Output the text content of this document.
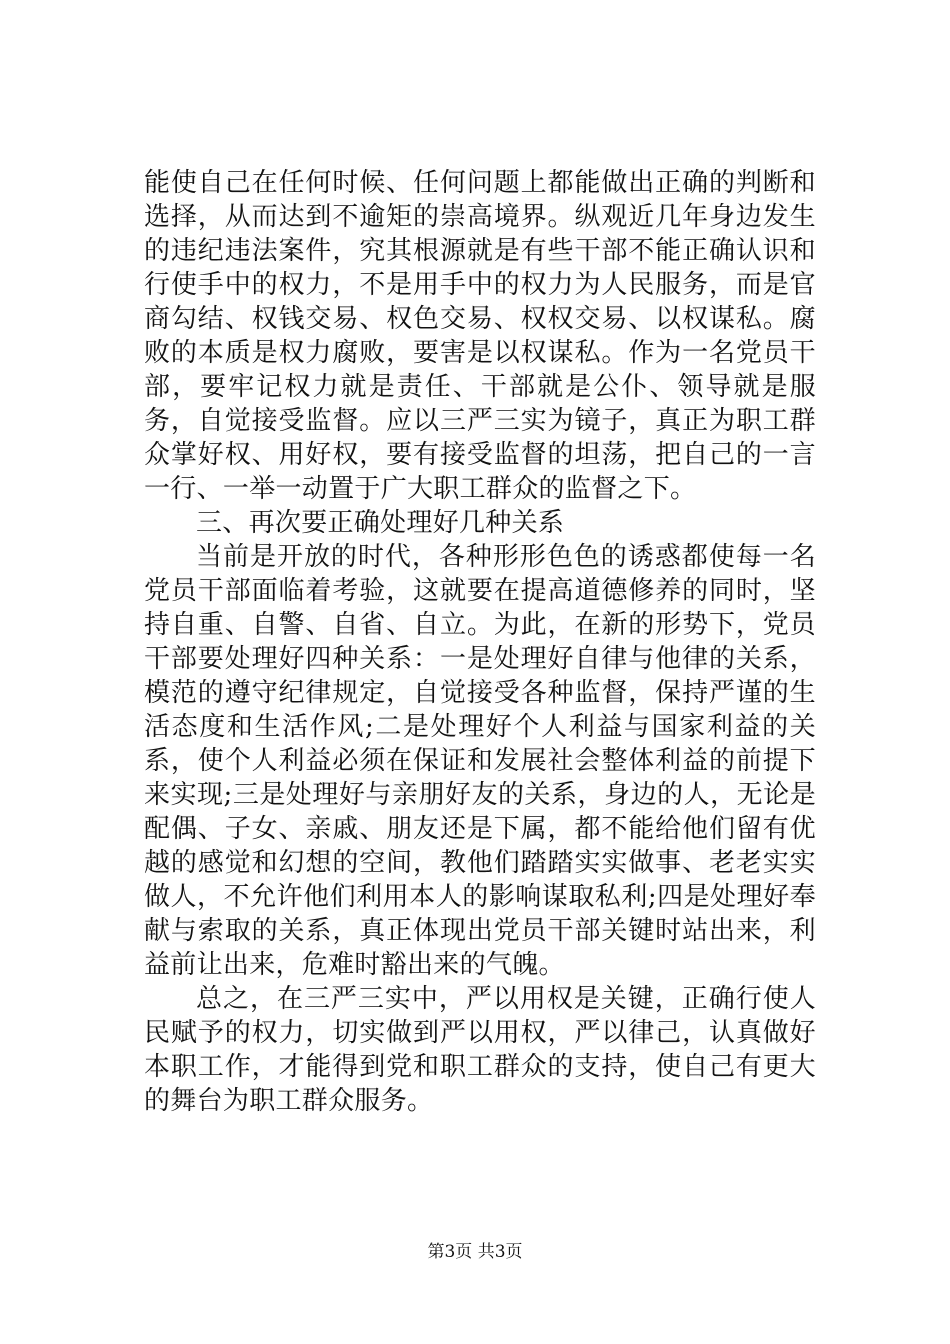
能使自己在任何时候、任何问题上都能做出正确的判断和选择，从而达到不逾矩的崇高境界。纵观近几年身边发生的违纪违法案件，究其根源就是有些干部不能正确认识和行使手中的权力，不是用手中的权力为人民服务，而是官商勾结、权钱交易、权色交易、权权交易、以权谋私。腐败的本质是权力腐败，要害是以权谋私。作为一名党员干部，要牢记权力就是责任、干部就是公仆、领导就是服务，自觉接受监督。应以三严三实为镜子，真正为职工群众掌好权、用好权，要有接受监督的坦荡，把自己的一言一行、一举一动置于广大职工群众的监督之下。

三、再次要正确处理好几种关系

当前是开放的时代，各种形形色色的诱惑都使每一名党员干部面临着考验，这就要在提高道德修养的同时，坚持自重、自警、自省、自立。为此，在新的形势下，党员干部要处理好四种关系：一是处理好自律与他律的关系，模范的遵守纪律规定，自觉接受各种监督，保持严谨的生活态度和生活作风;二是处理好个人利益与国家利益的关系，使个人利益必须在保证和发展社会整体利益的前提下来实现;三是处理好与亲朋好友的关系，身边的人，无论是配偶、子女、亲戚、朋友还是下属，都不能给他们留有优越的感觉和幻想的空间，教他们踏踏实实做事、老老实实做人，不允许他们利用本人的影响谋取私利;四是处理好奉献与索取的关系，真正体现出党员干部关键时站出来，利益前让出来，危难时豁出来的气魄。

总之，在三严三实中，严以用权是关键，正确行使人民赋予的权力，切实做到严以用权，严以律己，认真做好本职工作，才能得到党和职工群众的支持，使自己有更大的舞台为职工群众服务。

第3页 共3页
